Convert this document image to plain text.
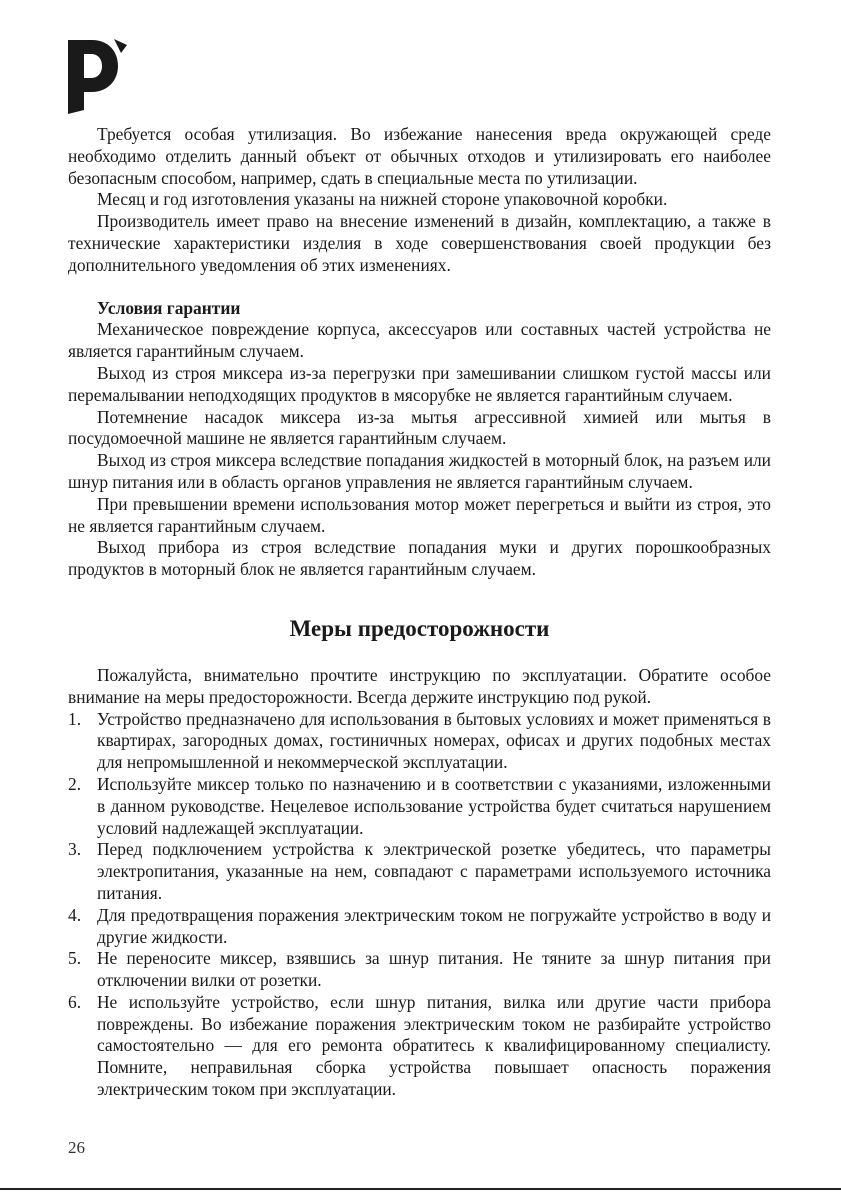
Требуется особая утилизация. Во избежание нанесения вреда окружающей среде необходимо отделить данный объект от обычных отходов и утилизировать его наиболее безопасным способом, например, сдать в специальные места по утилизации.

Месяц и год изготовления указаны на нижней стороне упаковочной коробки.

Производитель имеет право на внесение изменений в дизайн, комплектацию, а также в технические характеристики изделия в ходе совершенствования своей продукции без дополнительного уведомления об этих изменениях.

Условия гарантии

Механическое повреждение корпуса, аксессуаров или составных частей устройства не является гарантийным случаем.

Выход из строя миксера из-за перегрузки при замешивании слишком густой массы или перемалывании неподходящих продуктов в мясорубке не является гарантийным случаем.

Потемнение насадок миксера из-за мытья агрессивной химией или мытья в посудомоечной машине не является гарантийным случаем.

Выход из строя миксера вследствие попадания жидкостей в моторный блок, на разъем или шнур питания или в область органов управления не является гарантийным случаем.

При превышении времени использования мотор может перегреться и выйти из строя, это не является гарантийным случаем.

Выход прибора из строя вследствие попадания муки и других порошкообразных продуктов в моторный блок не является гарантийным случаем.

Меры предосторожности

Пожалуйста, внимательно прочтите инструкцию по эксплуатации. Обратите особое внимание на меры предосторожности. Всегда держите инструкцию под рукой.

1. Устройство предназначено для использования в бытовых условиях и может применяться в квартирах, загородных домах, гостиничных номерах, офисах и других подобных местах для непромышленной и некоммерческой эксплуатации.
2. Используйте миксер только по назначению и в соответствии с указаниями, изложенными в данном руководстве. Нецелевое использование устройства будет считаться нарушением условий надлежащей эксплуатации.
3. Перед подключением устройства к электрической розетке убедитесь, что параметры электропитания, указанные на нем, совпадают с параметрами используемого источника питания.
4. Для предотвращения поражения электрическим током не погружайте устройство в воду и другие жидкости.
5. Не переносите миксер, взявшись за шнур питания. Не тяните за шнур питания при отключении вилки от розетки.
6. Не используйте устройство, если шнур питания, вилка или другие части прибора повреждены. Во избежание поражения электрическим током не разбирайте устройство самостоятельно — для его ремонта обратитесь к квалифицированному специалисту. Помните, неправильная сборка устройства повышает опасность поражения электрическим током при эксплуатации.
26
